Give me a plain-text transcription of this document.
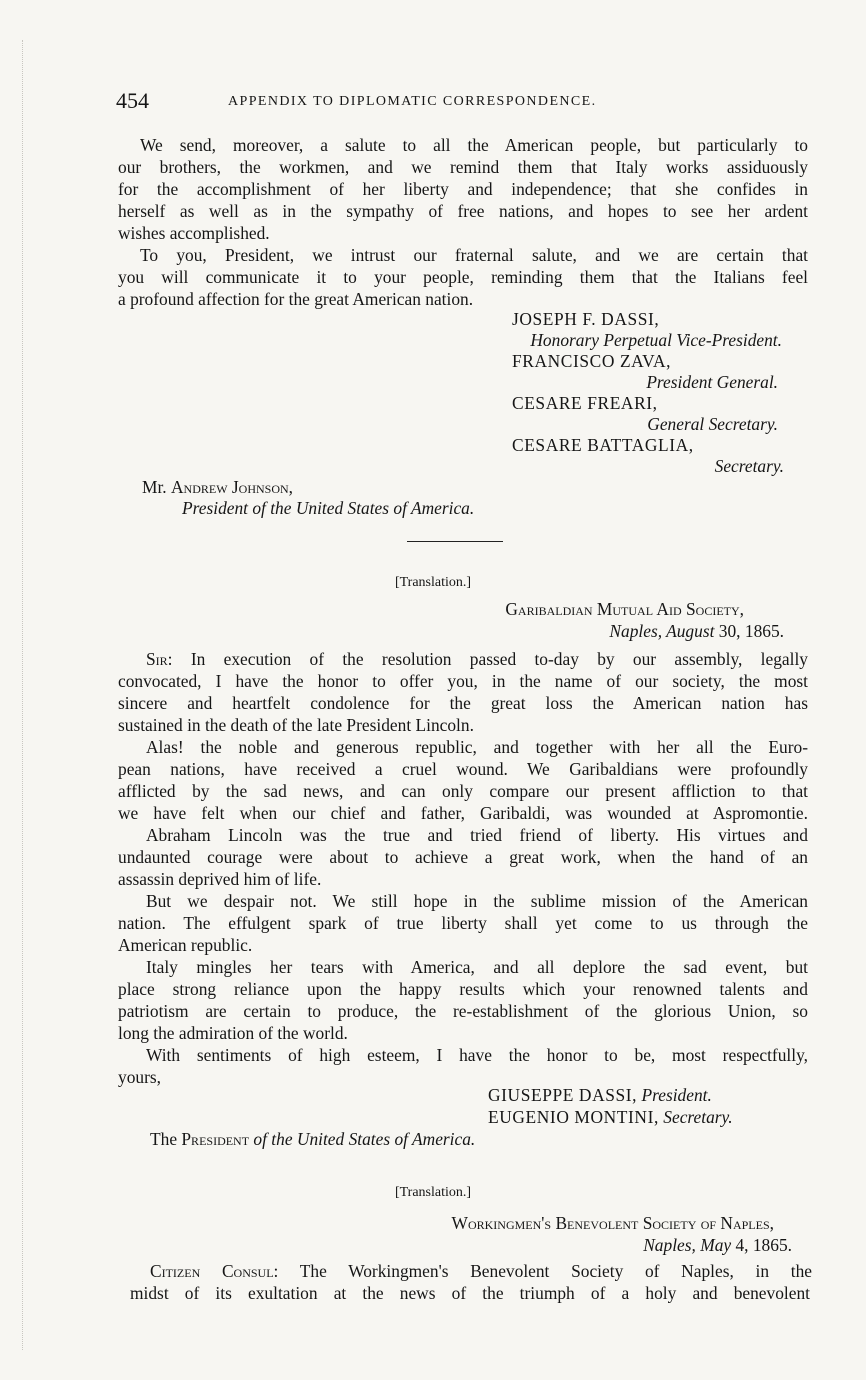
454	APPENDIX TO DIPLOMATIC CORRESPONDENCE.
We send, moreover, a salute to all the American people, but particularly to
our brothers, the workmen, and we remind them that Italy works assiduously
for the accomplishment of her liberty and independence; that she confides in
herself as well as in the sympathy of free nations, and hopes to see her ardent
wishes accomplished.
To you, President, we intrust our fraternal salute, and we are certain that
you will communicate it to your people, reminding them that the Italians feel
a profound affection for the great American nation.
JOSEPH F. DASSI,
Honorary Perpetual Vice-President.
FRANCISCO ZAVA,
President General.
CESARE FREARI,
General Secretary.
CESARE BATTAGLIA,
Secretary.
Mr. Andrew Johnson,
President of the United States of America.
[Translation.]
Garibaldian Mutual Aid Society,
Naples, August 30, 1865.
Sir: In execution of the resolution passed to-day by our assembly, legally
convocated, I have the honor to offer you, in the name of our society, the most
sincere and heartfelt condolence for the great loss the American nation has
sustained in the death of the late President Lincoln.
Alas! the noble and generous republic, and together with her all the Euro-
pean nations, have received a cruel wound. We Garibaldians were profoundly
afflicted by the sad news, and can only compare our present affliction to that
we have felt when our chief and father, Garibaldi, was wounded at Aspromontie.
Abraham Lincoln was the true and tried friend of liberty. His virtues and
undaunted courage were about to achieve a great work, when the hand of an
assassin deprived him of life.
But we despair not. We still hope in the sublime mission of the American
nation. The effulgent spark of true liberty shall yet come to us through the
American republic.
Italy mingles her tears with America, and all deplore the sad event, but
place strong reliance upon the happy results which your renowned talents and
patriotism are certain to produce, the re-establishment of the glorious Union, so
long the admiration of the world.
With sentiments of high esteem, I have the honor to be, most respectfully,
yours,
GIUSEPPE DASSI, President.
EUGENIO MONTINI, Secretary.
The President of the United States of America.
[Translation.]
Workingmen's Benevolent Society of Naples,
Naples, May 4, 1865.
Citizen Consul: The Workingmen's Benevolent Society of Naples, in the
midst of its exultation at the news of the triumph of a holy and benevolent
